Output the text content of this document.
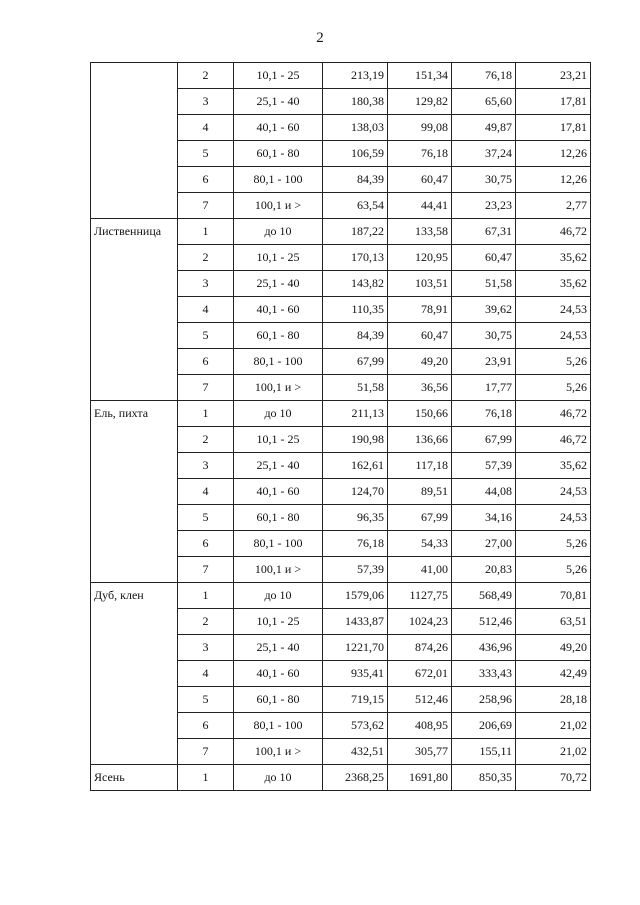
2
	2	10,1 - 25	213,19	151,34	76,18	23,21
	3	25,1 - 40	180,38	129,82	65,60	17,81
	4	40,1 - 60	138,03	99,08	49,87	17,81
	5	60,1 - 80	106,59	76,18	37,24	12,26
	6	80,1 - 100	84,39	60,47	30,75	12,26
	7	100,1 и >	63,54	44,41	23,23	2,77
Лиственница	1	до 10	187,22	133,58	67,31	46,72
	2	10,1 - 25	170,13	120,95	60,47	35,62
	3	25,1 - 40	143,82	103,51	51,58	35,62
	4	40,1 - 60	110,35	78,91	39,62	24,53
	5	60,1 - 80	84,39	60,47	30,75	24,53
	6	80,1 - 100	67,99	49,20	23,91	5,26
	7	100,1 и >	51,58	36,56	17,77	5,26
Ель, пихта	1	до 10	211,13	150,66	76,18	46,72
	2	10,1 - 25	190,98	136,66	67,99	46,72
	3	25,1 - 40	162,61	117,18	57,39	35,62
	4	40,1 - 60	124,70	89,51	44,08	24,53
	5	60,1 - 80	96,35	67,99	34,16	24,53
	6	80,1 - 100	76,18	54,33	27,00	5,26
	7	100,1 и >	57,39	41,00	20,83	5,26
Дуб, клен	1	до 10	1579,06	1127,75	568,49	70,81
	2	10,1 - 25	1433,87	1024,23	512,46	63,51
	3	25,1 - 40	1221,70	874,26	436,96	49,20
	4	40,1 - 60	935,41	672,01	333,43	42,49
	5	60,1 - 80	719,15	512,46	258,96	28,18
	6	80,1 - 100	573,62	408,95	206,69	21,02
	7	100,1 и >	432,51	305,77	155,11	21,02
Ясень	1	до 10	2368,25	1691,80	850,35	70,72
